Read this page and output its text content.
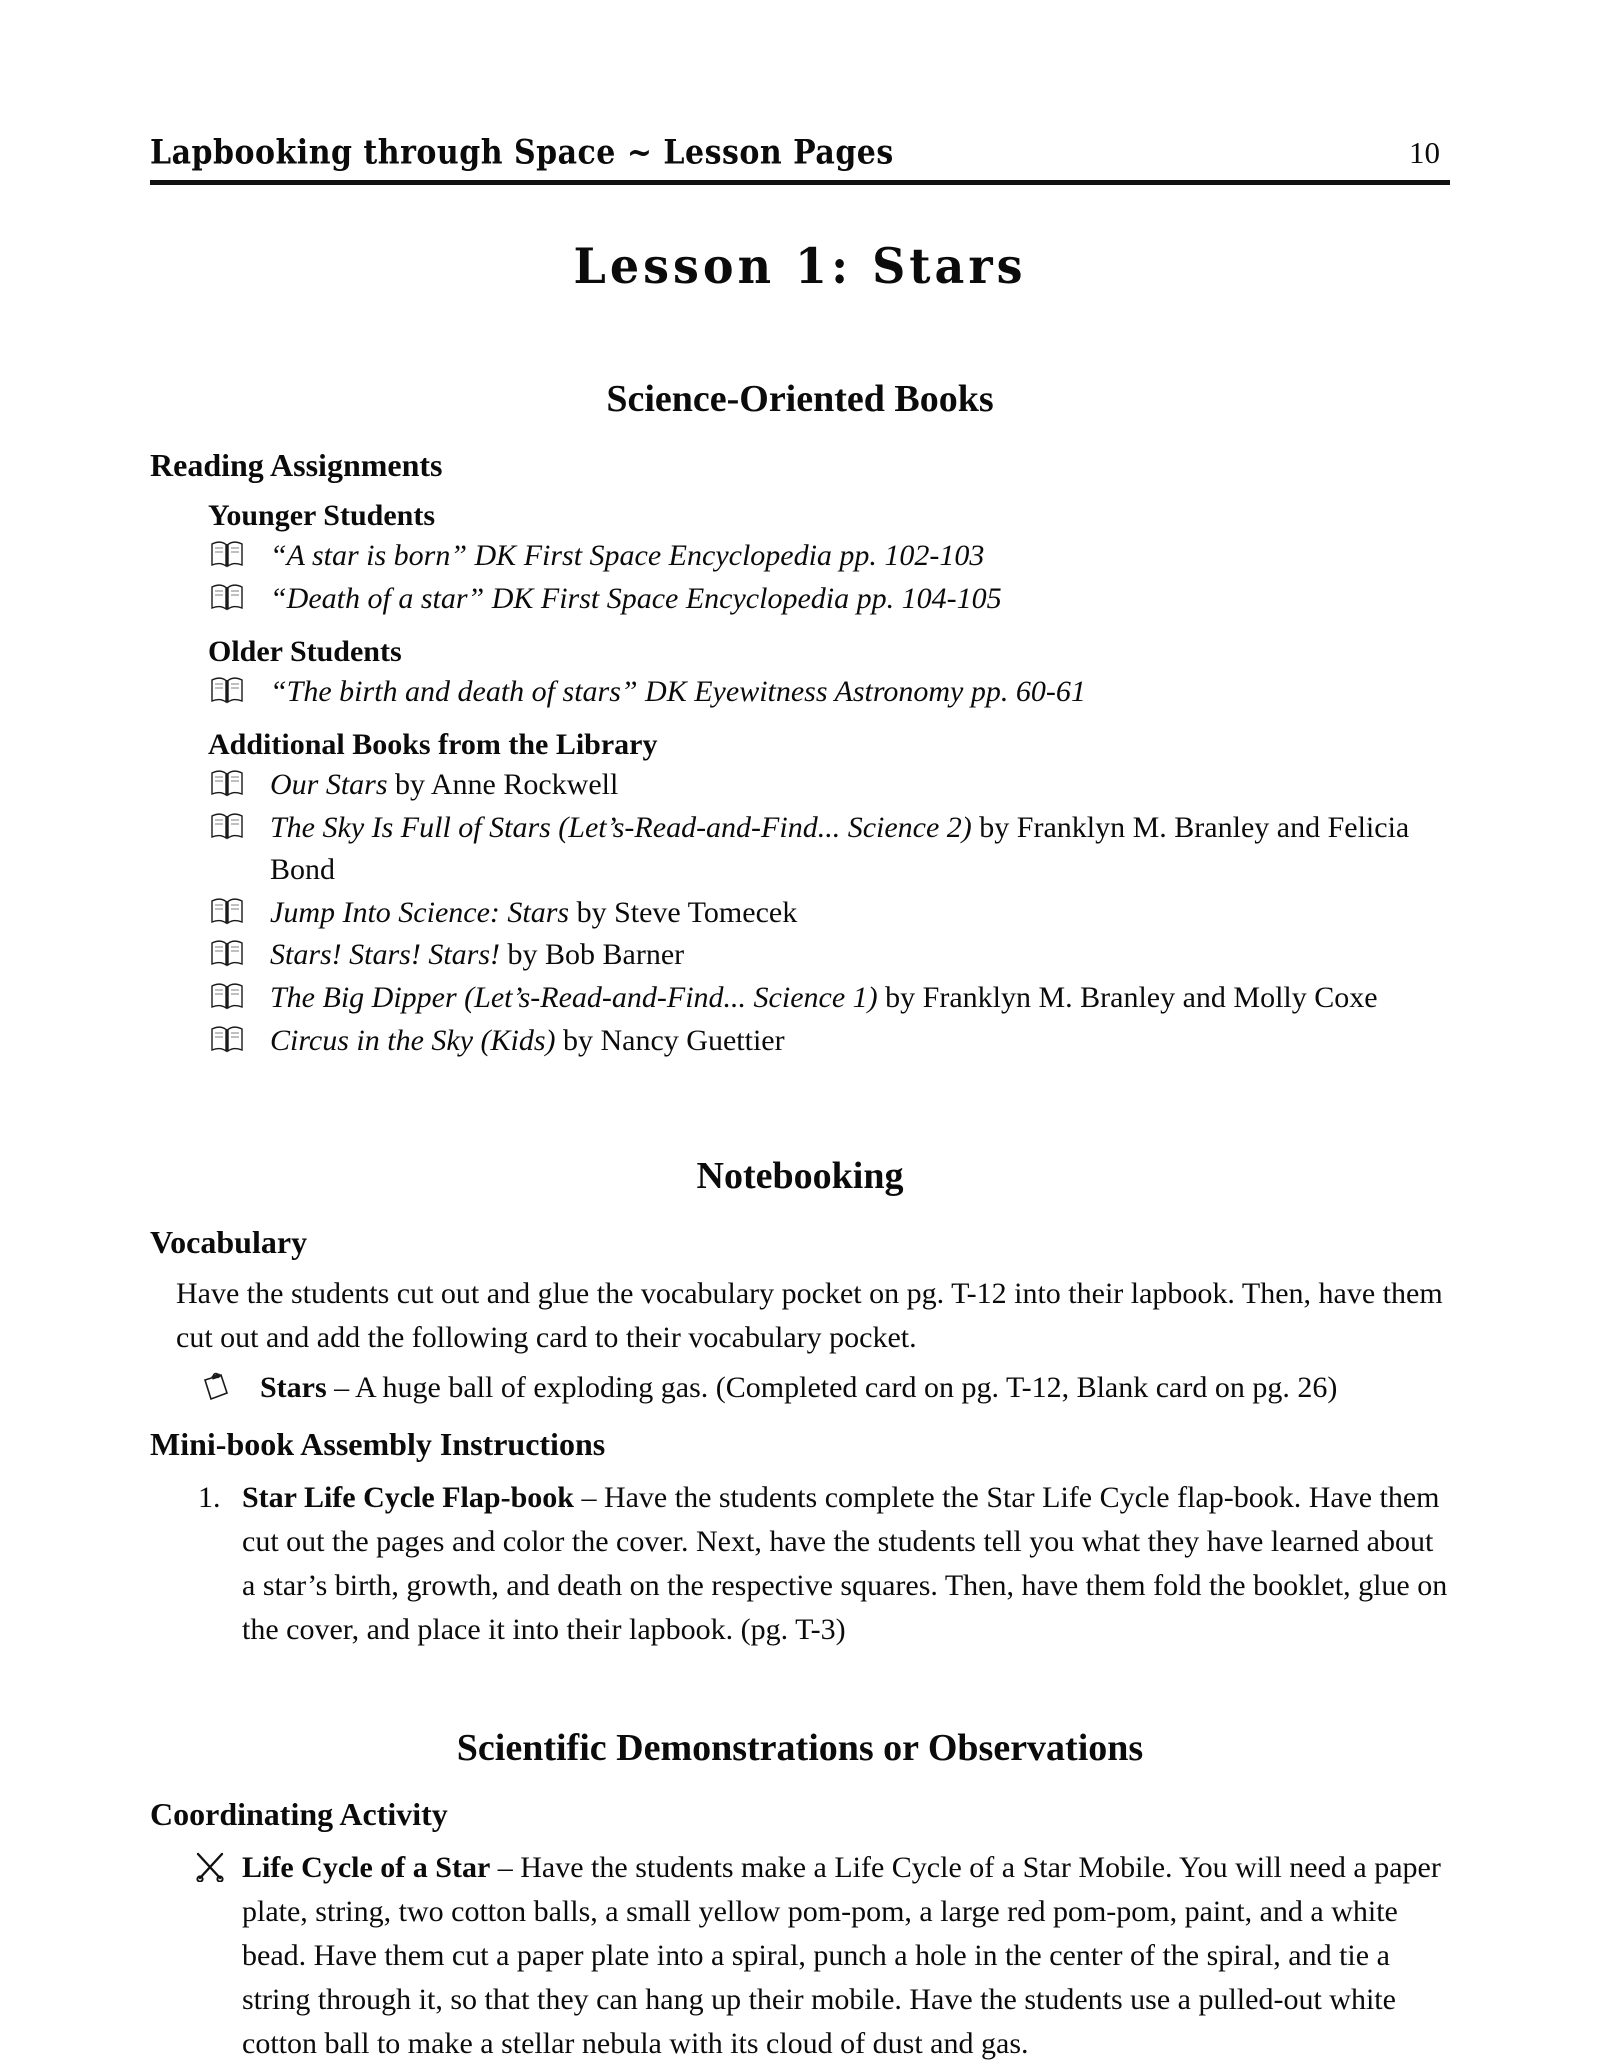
Lapbooking through Space ~ Lesson Pages	10
Lesson 1: Stars
Science-Oriented Books
Reading Assignments
Younger Students
“A star is born” DK First Space Encyclopedia pp. 102-103
“Death of a star” DK First Space Encyclopedia pp. 104-105
Older Students
“The birth and death of stars” DK Eyewitness Astronomy pp. 60-61
Additional Books from the Library
Our Stars by Anne Rockwell
The Sky Is Full of Stars (Let’s-Read-and-Find... Science 2) by Franklyn M. Branley and Felicia Bond
Jump Into Science: Stars by Steve Tomecek
Stars! Stars! Stars! by Bob Barner
The Big Dipper (Let’s-Read-and-Find... Science 1) by Franklyn M. Branley and Molly Coxe
Circus in the Sky (Kids) by Nancy Guettier
Notebooking
Vocabulary

Have the students cut out and glue the vocabulary pocket on pg. T-12 into their lapbook. Then, have them cut out and add the following card to their vocabulary pocket.

Stars – A huge ball of exploding gas. (Completed card on pg. T-12, Blank card on pg. 26)

Mini-book Assembly Instructions
1. Star Life Cycle Flap-book – Have the students complete the Star Life Cycle flap-book. Have them cut out the pages and color the cover. Next, have the students tell you what they have learned about a star’s birth, growth, and death on the respective squares. Then, have them fold the booklet, glue on the cover, and place it into their lapbook. (pg. T-3)
Scientific Demonstrations or Observations
Coordinating Activity
Life Cycle of a Star – Have the students make a Life Cycle of a Star Mobile. You will need a paper plate, string, two cotton balls, a small yellow pom-pom, a large red pom-pom, paint, and a white bead. Have them cut a paper plate into a spiral, punch a hole in the center of the spiral, and tie a string through it, so that they can hang up their mobile. Have the students use a pulled-out white cotton ball to make a stellar nebula with its cloud of dust and gas.
